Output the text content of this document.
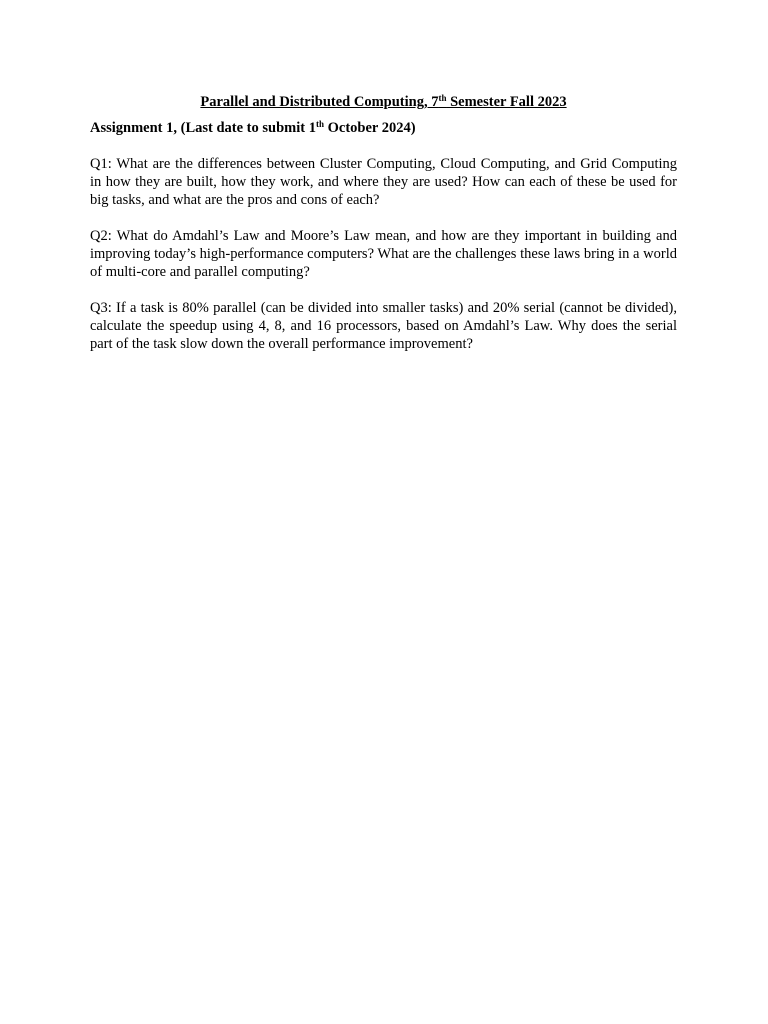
Parallel and Distributed Computing, 7th Semester Fall 2023
Assignment 1, (Last date to submit 1th October 2024)

Q1: What are the differences between Cluster Computing, Cloud Computing, and Grid Computing in how they are built, how they work, and where they are used? How can each of these be used for big tasks, and what are the pros and cons of each?

Q2: What do Amdahl’s Law and Moore’s Law mean, and how are they important in building and improving today’s high-performance computers? What are the challenges these laws bring in a world of multi-core and parallel computing?

Q3: If a task is 80% parallel (can be divided into smaller tasks) and 20% serial (cannot be divided), calculate the speedup using 4, 8, and 16 processors, based on Amdahl’s Law. Why does the serial part of the task slow down the overall performance improvement?
